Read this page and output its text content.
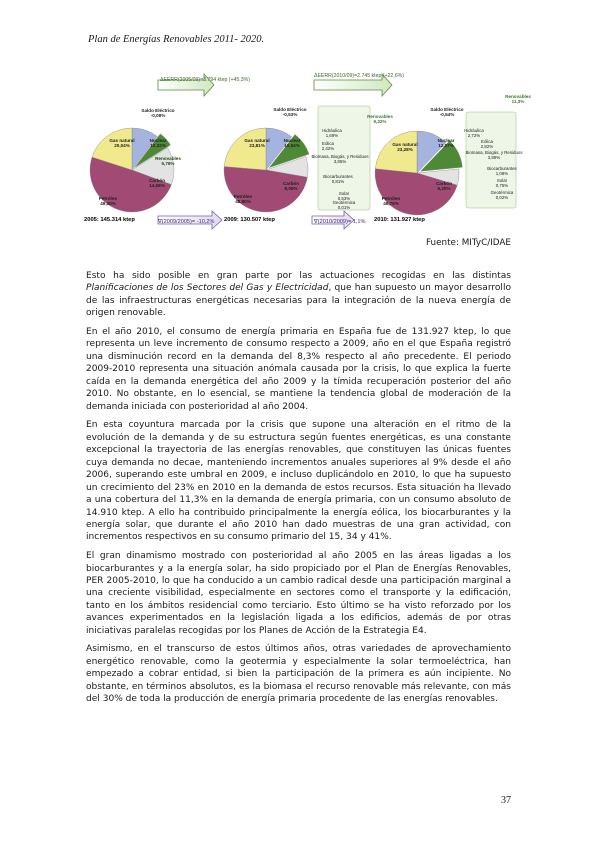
Plan de Energías Renovables 2011- 2020.
ΔEERR(2005/09)=3.794 ktep (+45,3%)
ΔEERR(2010/09)=2.745 ktep (+22,6%)
∇(2009/2005)= -10,2%	∇(2010/2009)= 1,1%
Petróleo 49,30%
Gas natural 20,04%
Saldo Eléctrico -0,08%
Nuclear 10,32%
Renovables 5,76%
Carbón 14,58%
Petróleo 48,80%
Gas natural 23,81%
Saldo Eléctrico -0,53%
Nuclear 10,54%
Renovables 9,32%
Carbón 8,05%
Hidráulica 1,69%
Eólica 2,42%
Biomasa, Biogás, y Residuos 3,85%
Biocarburantes 0,81%
Solar 0,53%
Geotérmica 0,01%
Petróleo 46,76%
Gas natural 23,28%
Saldo Eléctrico -0,54%
Nuclear 12,07%
Renovables 11,3%
Carbón 6,20%
Hidráulica 2,72%
Eólica 2,82%
Biomasa, Biogás, y Residuos 3,89%
Biocarburantes 1,08%
Solar 0,75%
Geotérmica 0,02%
2005: 145.314 ktep	2009: 130.507 ktep	2010: 131.927 ktep
Fuente: MITyC/IDAE

Esto ha sido posible en gran parte por las actuaciones recogidas en las distintas Planificaciones de los Sectores del Gas y Electricidad, que han supuesto un mayor desarrollo de las infraestructuras energéticas necesarias para la integración de la nueva energía de origen renovable.

En el año 2010, el consumo de energía primaria en España fue de 131.927 ktep, lo que representa un leve incremento de consumo respecto a 2009, año en el que España registró una disminución record en la demanda del 8,3% respecto al año precedente. El periodo 2009-2010 representa una situación anómala causada por la crisis, lo que explica la fuerte caída en la demanda energética del año 2009 y la tímida recuperación posterior del año 2010. No obstante, en lo esencial, se mantiene la tendencia global de moderación de la demanda iniciada con posterioridad al año 2004.

En esta coyuntura marcada por la crisis que supone una alteración en el ritmo de la evolución de la demanda y de su estructura según fuentes energéticas, es una constante excepcional la trayectoria de las energías renovables, que constituyen las únicas fuentes cuya demanda no decae, manteniendo incrementos anuales superiores al 9% desde el año 2006, superando este umbral en 2009, e incluso duplicándolo en 2010, lo que ha supuesto un crecimiento del 23% en 2010 en la demanda de estos recursos. Esta situación ha llevado a una cobertura del 11,3% en la demanda de energía primaria, con un consumo absoluto de 14.910 ktep. A ello ha contribuido principalmente la energía eólica, los biocarburantes y la energía solar, que durante el año 2010 han dado muestras de una gran actividad, con incrementos respectivos en su consumo primario del 15, 34 y 41%.

El gran dinamismo mostrado con posterioridad al año 2005 en las áreas ligadas a los biocarburantes y a la energía solar, ha sido propiciado por el Plan de Energías Renovables, PER 2005-2010, lo que ha conducido a un cambio radical desde una participación marginal a una creciente visibilidad, especialmente en sectores como el transporte y la edificación, tanto en los ámbitos residencial como terciario. Esto último se ha visto reforzado por los avances experimentados en la legislación ligada a los edificios, además de por otras iniciativas paralelas recogidas por los Planes de Acción de la Estrategia E4.

Asimismo, en el transcurso de estos últimos años, otras variedades de aprovechamiento energético renovable, como la geotermia y especialmente la solar termoeléctrica, han empezado a cobrar entidad, si bien la participación de la primera es aún incipiente. No obstante, en términos absolutos, es la biomasa el recurso renovable más relevante, con más del 30% de toda la producción de energía primaria procedente de las energías renovables.

37
